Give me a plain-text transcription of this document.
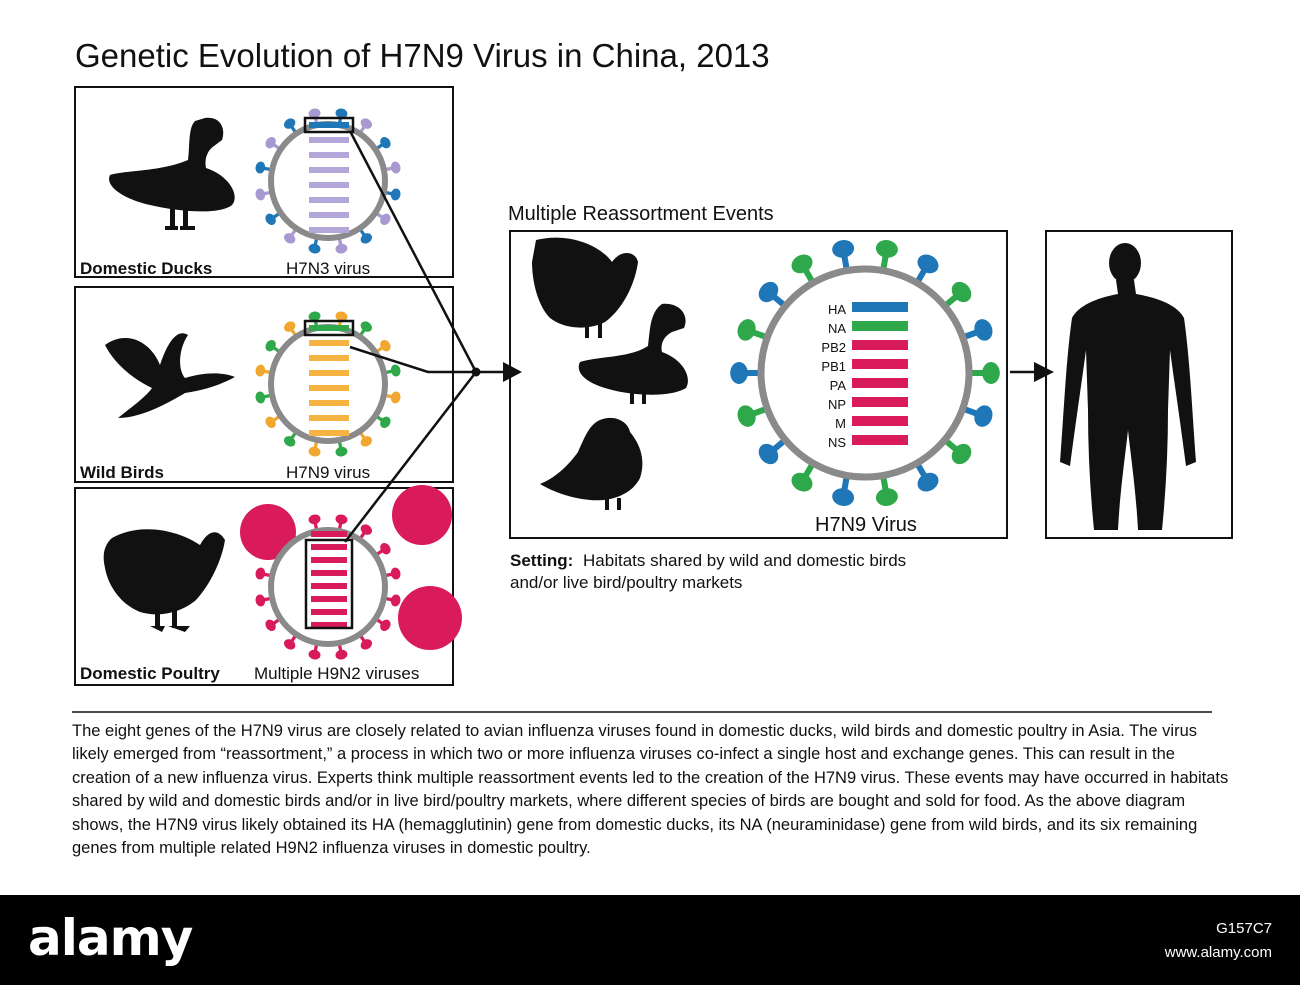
Genetic Evolution of H7N9 Virus in China, 2013
Domestic Ducks	H7N3 virus
Wild Birds	H7N9 virus
Domestic Poultry Multiple H9N2 viruses
Multiple Reassortment Events
HA
NA
PB2
PB1
PA
NP
M
NS
H7N9 Virus
Setting: Habitats shared by wild and domestic birds
and/or live bird/poultry markets
The eight genes of the H7N9 virus are closely related to avian influenza viruses found in domestic ducks, wild birds and domestic poultry in Asia. The virus likely emerged from “reassortment,” a process in which two or more influenza viruses co-infect a single host and exchange genes. This can result in the creation of a new influenza virus. Experts think multiple reassortment events led to the creation of the H7N9 virus. These events may have occurred in habitats shared by wild and domestic birds and/or in live bird/poultry markets, where different species of birds are bought and sold for food. As the above diagram shows, the H7N9 virus likely obtained its HA (hemagglutinin) gene from domestic ducks, its NA (neuraminidase) gene from wild birds, and its six remaining genes from multiple related H9N2 influenza viruses in domestic poultry.
alamy	G157C7
www.alamy.com
